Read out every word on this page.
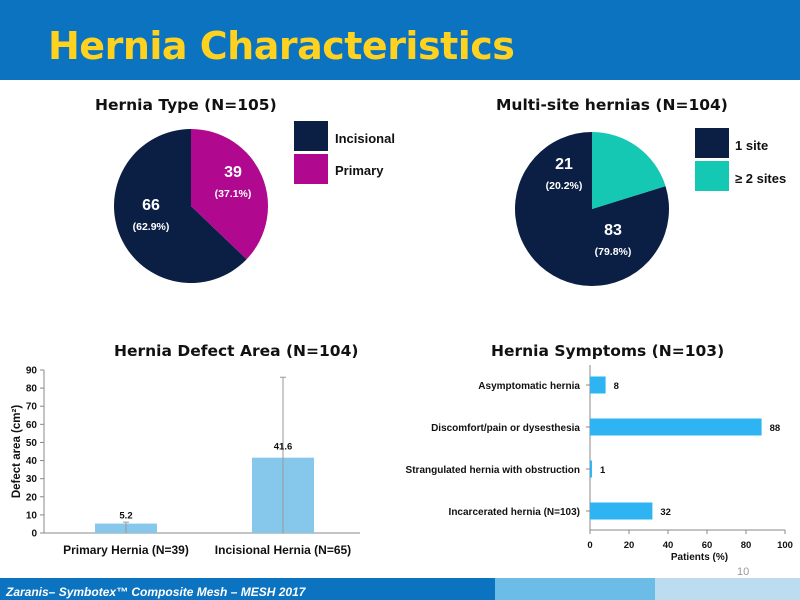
Hernia Characteristics
Hernia Type (N=105)
66
(62.9%)
39
(37.1%)
Incisional
Primary
Multi-site hernias (N=104)
83
(79.8%)
21
(20.2%)
1 site
≥ 2 sites
Hernia Defect Area (N=104)
0
10
20
30
40
50
60
70
80
90
Defect area (cm²)
5.2
Primary Hernia (N=39)
41.6
Incisional Hernia (N=65)
Hernia Symptoms (N=103)
0	20	40	60	80	100
Patients (%)
8
Asymptomatic hernia
88
Discomfort/pain or dysesthesia
1
Strangulated hernia with obstruction
32
Incarcerated hernia (N=103)
10
Zaranis– Symbotex™ Composite Mesh – MESH 2017
